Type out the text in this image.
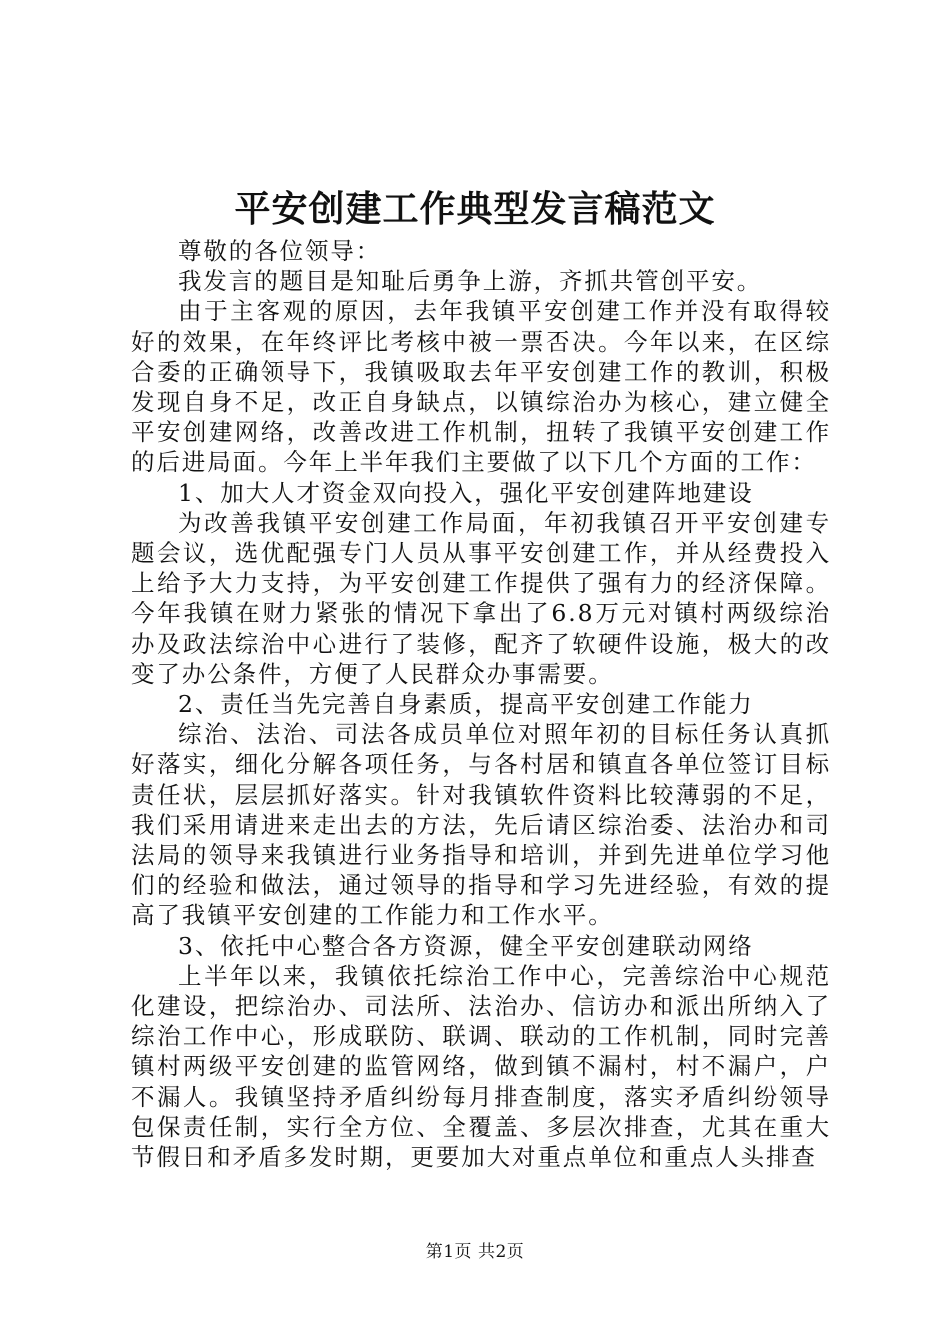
平安创建工作典型发言稿范文

尊敬的各位领导：

我发言的题目是知耻后勇争上游，齐抓共管创平安。

由于主客观的原因，去年我镇平安创建工作并没有取得较好的效果，在年终评比考核中被一票否决。今年以来，在区综合委的正确领导下，我镇吸取去年平安创建工作的教训，积极发现自身不足，改正自身缺点，以镇综治办为核心，建立健全平安创建网络，改善改进工作机制，扭转了我镇平安创建工作的后进局面。今年上半年我们主要做了以下几个方面的工作：

1、加大人才资金双向投入，强化平安创建阵地建设

为改善我镇平安创建工作局面，年初我镇召开平安创建专题会议，选优配强专门人员从事平安创建工作，并从经费投入上给予大力支持，为平安创建工作提供了强有力的经济保障。今年我镇在财力紧张的情况下拿出了6.8万元对镇村两级综治办及政法综治中心进行了装修，配齐了软硬件设施，极大的改变了办公条件，方便了人民群众办事需要。

2、责任当先完善自身素质，提高平安创建工作能力

综治、法治、司法各成员单位对照年初的目标任务认真抓好落实，细化分解各项任务，与各村居和镇直各单位签订目标责任状，层层抓好落实。针对我镇软件资料比较薄弱的不足，我们采用请进来走出去的方法，先后请区综治委、法治办和司法局的领导来我镇进行业务指导和培训，并到先进单位学习他们的经验和做法，通过领导的指导和学习先进经验，有效的提高了我镇平安创建的工作能力和工作水平。

3、依托中心整合各方资源，健全平安创建联动网络

上半年以来，我镇依托综治工作中心，完善综治中心规范化建设，把综治办、司法所、法治办、信访办和派出所纳入了综治工作中心，形成联防、联调、联动的工作机制，同时完善镇村两级平安创建的监管网络，做到镇不漏村，村不漏户，户不漏人。我镇坚持矛盾纠纷每月排查制度，落实矛盾纠纷领导包保责任制，实行全方位、全覆盖、多层次排查，尤其在重大节假日和矛盾多发时期，更要加大对重点单位和重点人头排查

第1页 共2页
